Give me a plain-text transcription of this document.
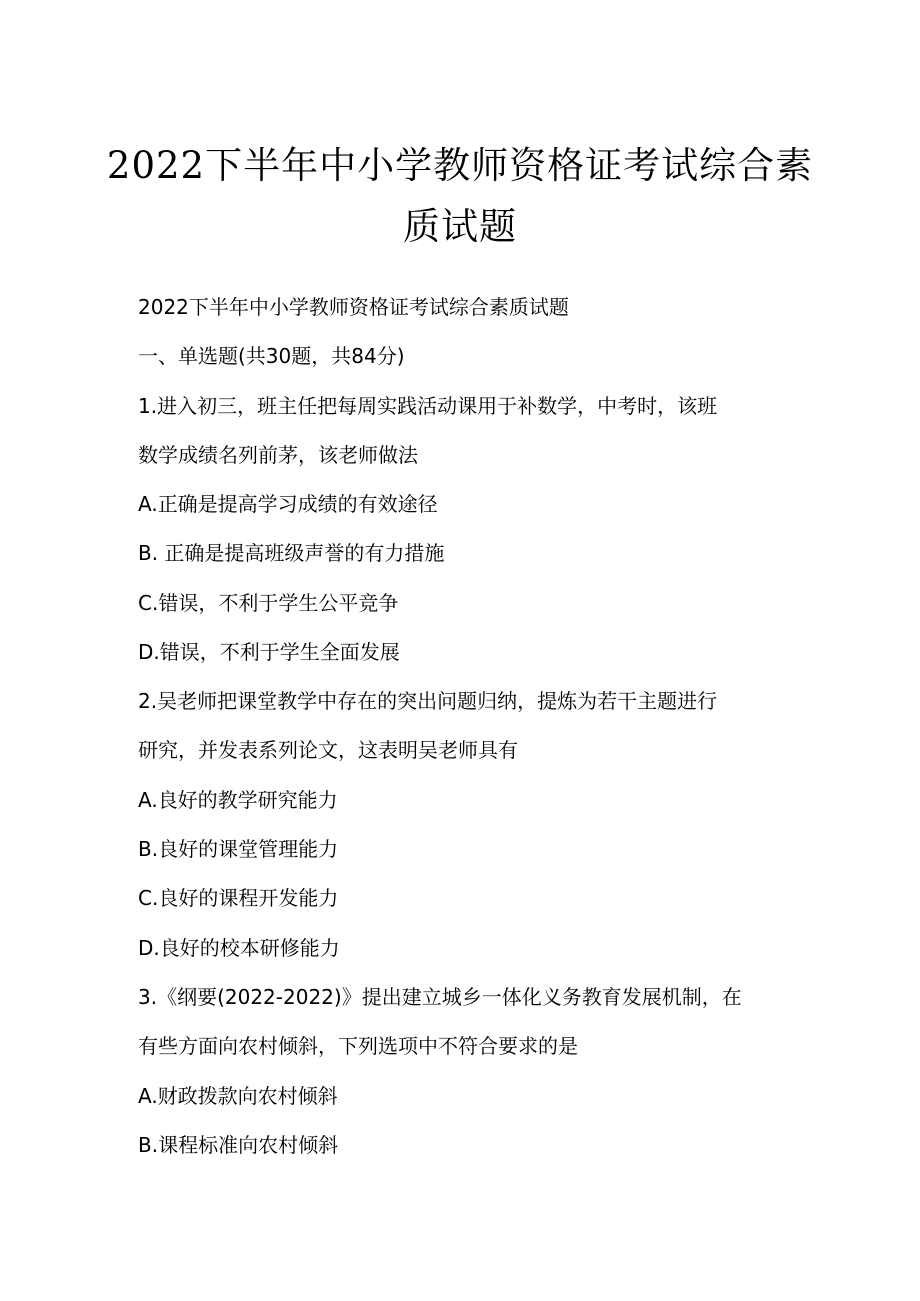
2022下半年中小学教师资格证考试综合素
质试题
2022下半年中小学教师资格证考试综合素质试题
一、单选题(共30题，共84分)
1.进入初三，班主任把每周实践活动课用于补数学，中考时，该班
数学成绩名列前茅，该老师做法
A.正确是提高学习成绩的有效途径
B. 正确是提高班级声誉的有力措施
C.错误，不利于学生公平竞争
D.错误，不利于学生全面发展
2.吴老师把课堂教学中存在的突出问题归纳，提炼为若干主题进行
研究，并发表系列论文，这表明吴老师具有
A.良好的教学研究能力
B.良好的课堂管理能力
C.良好的课程开发能力
D.良好的校本研修能力
3.《纲要(2022-2022)》提出建立城乡一体化义务教育发展机制，在
有些方面向农村倾斜，下列选项中不符合要求的是
A.财政拨款向农村倾斜
B.课程标准向农村倾斜
